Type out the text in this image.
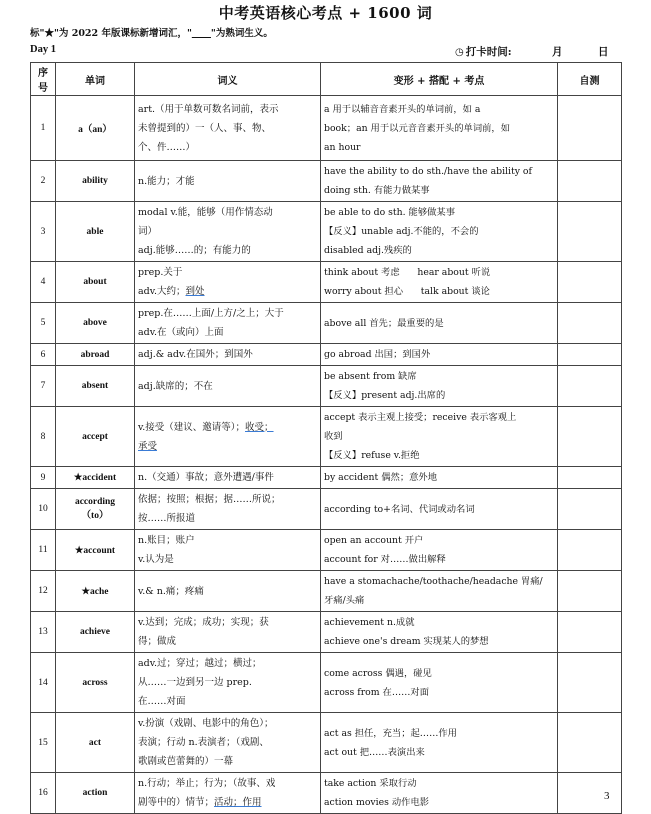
中考英语核心考点 + 1600 词
标"★"为 2022 年版课标新增词汇，"____"为熟词生义。
Day 1	◷ 打卡时间:	月	日
序号	单词	词义	变形 + 搭配 + 考点	自测
1	a（an）	art.（用于单数可数名词前，表示
未曾提到的）一（人、事、物、
个、件……）	a 用于以辅音音素开头的单词前，如 a
book；an 用于以元音音素开头的单词前，如
an hour	

2	ability	n.能力；才能	have the ability to do sth./have the ability of
doing sth. 有能力做某事	

3	able	modal v.能，能够（用作情态动
词）
adj.能够……的；有能力的	be able to do sth. 能够做某事
【反义】unable adj.不能的，不会的
disabled adj.残疾的	

4	about	prep.关于
adv.大约；到处	think about 考虑      hear about 听说
worry about 担心      talk about 谈论	

5	above	prep.在……上面/上方/之上；大于
adv.在（或向）上面	above all 首先；最重要的是	

6	abroad	adj.& adv.在国外；到国外	go abroad 出国；到国外	

7	absent	adj.缺席的；不在	be absent from 缺席
【反义】present adj.出席的	

8	accept	v.接受（建议、邀请等）；收受；
承受	accept 表示主观上接受；receive 表示客观上
收到
【反义】refuse v.拒绝	

9	★accident	n.（交通）事故；意外遭遇/事件	by accident 偶然；意外地	

10	according
（to）	依据；按照；根据；据……所说；
按……所报道	according to+名词、代词或动名词	

11	★account	n.账目；账户
v.认为是	open an account 开户
account for 对……做出解释	

12	★ache	v.& n.痛；疼痛	have a stomachache/toothache/headache 胃痛/
牙痛/头痛	

13	achieve	v.达到；完成；成功；实现；获
得；做成	achievement n.成就
achieve one's dream 实现某人的梦想	

14	across	adv.过；穿过；越过；横过；
从……一边到另一边 prep.
在……对面	come across 偶遇，碰见
across from 在……对面	

15	act	v.扮演（戏剧、电影中的角色）；
表演；行动 n.表演者；（戏剧、
歌剧或芭蕾舞的）一幕	act as 担任，充当；起……作用
act out 把……表演出来	

16	action	n.行动；举止；行为；（故事、戏
剧等中的）情节；活动；作用	take action 采取行动
action movies 动作电影	

3
